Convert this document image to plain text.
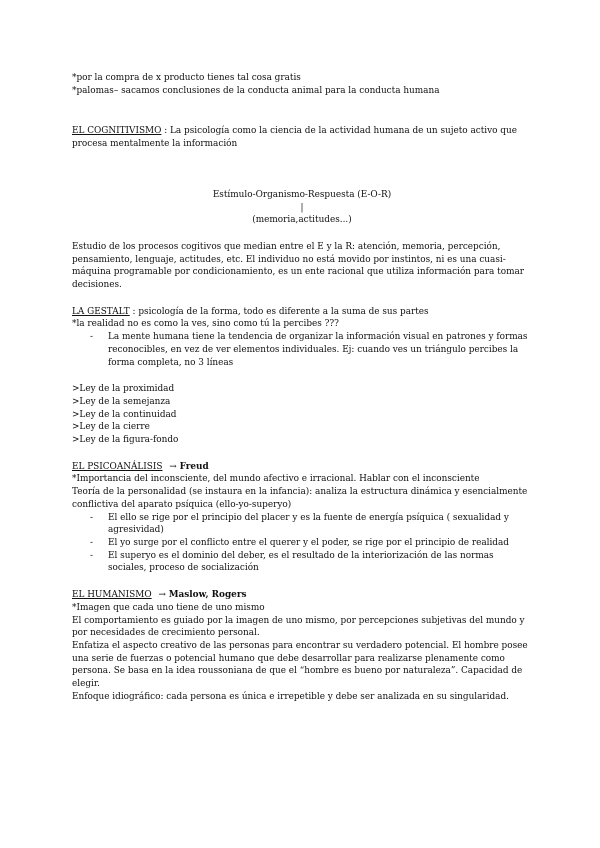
*por la compra de x producto tienes tal cosa gratis

*palomas– sacamos conclusiones de la conducta animal para la conducta humana

EL COGNITIVISMO : La psicología como la ciencia de la actividad humana de un sujeto activo que procesa mentalmente la información

Estímulo-Organismo-Respuesta (E-O-R)

|

(memoria,actitudes...)

Estudio de los procesos cogitivos que median entre el E y la R: atención, memoria, percepción, pensamiento, lenguaje, actitudes, etc. El individuo no está movido por instintos, ni es una cuasi-máquina programable por condicionamiento, es un ente racional que utiliza información para tomar decisiones.

LA GESTALT : psicología de la forma, todo es diferente a la suma de sus partes

*la realidad no es como la ves, sino como tú la percibes ???

- La mente humana tiene la tendencia de organizar la información visual en patrones y formas reconocibles, en vez de ver elementos individuales. Ej: cuando ves un triángulo percibes la forma completa, no 3 líneas

>Ley de la proximidad

>Ley de la semejanza

>Ley de la continuidad

>Ley de la cierre

>Ley de la figura-fondo

EL PSICOANÁLISIS → Freud

*Importancia del inconsciente, del mundo afectivo e irracional. Hablar con el inconsciente

Teoría de la personalidad (se instaura en la infancia): analiza la estructura dinámica y esencialmente conflictiva del aparato psíquica (ello-yo-superyo)

- El ello se rige por el principio del placer y es la fuente de energía psíquica ( sexualidad y agresividad)
- El yo surge por el conflicto entre el querer y el poder, se rige por el principio de realidad
- El superyo es el dominio del deber, es el resultado de la interiorización de las normas sociales, proceso de socialización

EL HUMANISMO → Maslow, Rogers

*Imagen que cada uno tiene de uno mismo

El comportamiento es guiado por la imagen de uno mismo, por percepciones subjetivas del mundo y por necesidades de crecimiento personal.

Enfatiza el aspecto creativo de las personas para encontrar su verdadero potencial. El hombre posee una serie de fuerzas o potencial humano que debe desarrollar para realizarse plenamente como persona. Se basa en la idea roussoniana de que el “hombre es bueno por naturaleza”. Capacidad de elegir.

Enfoque idiográfico: cada persona es única e irrepetible y debe ser analizada en su singularidad.
